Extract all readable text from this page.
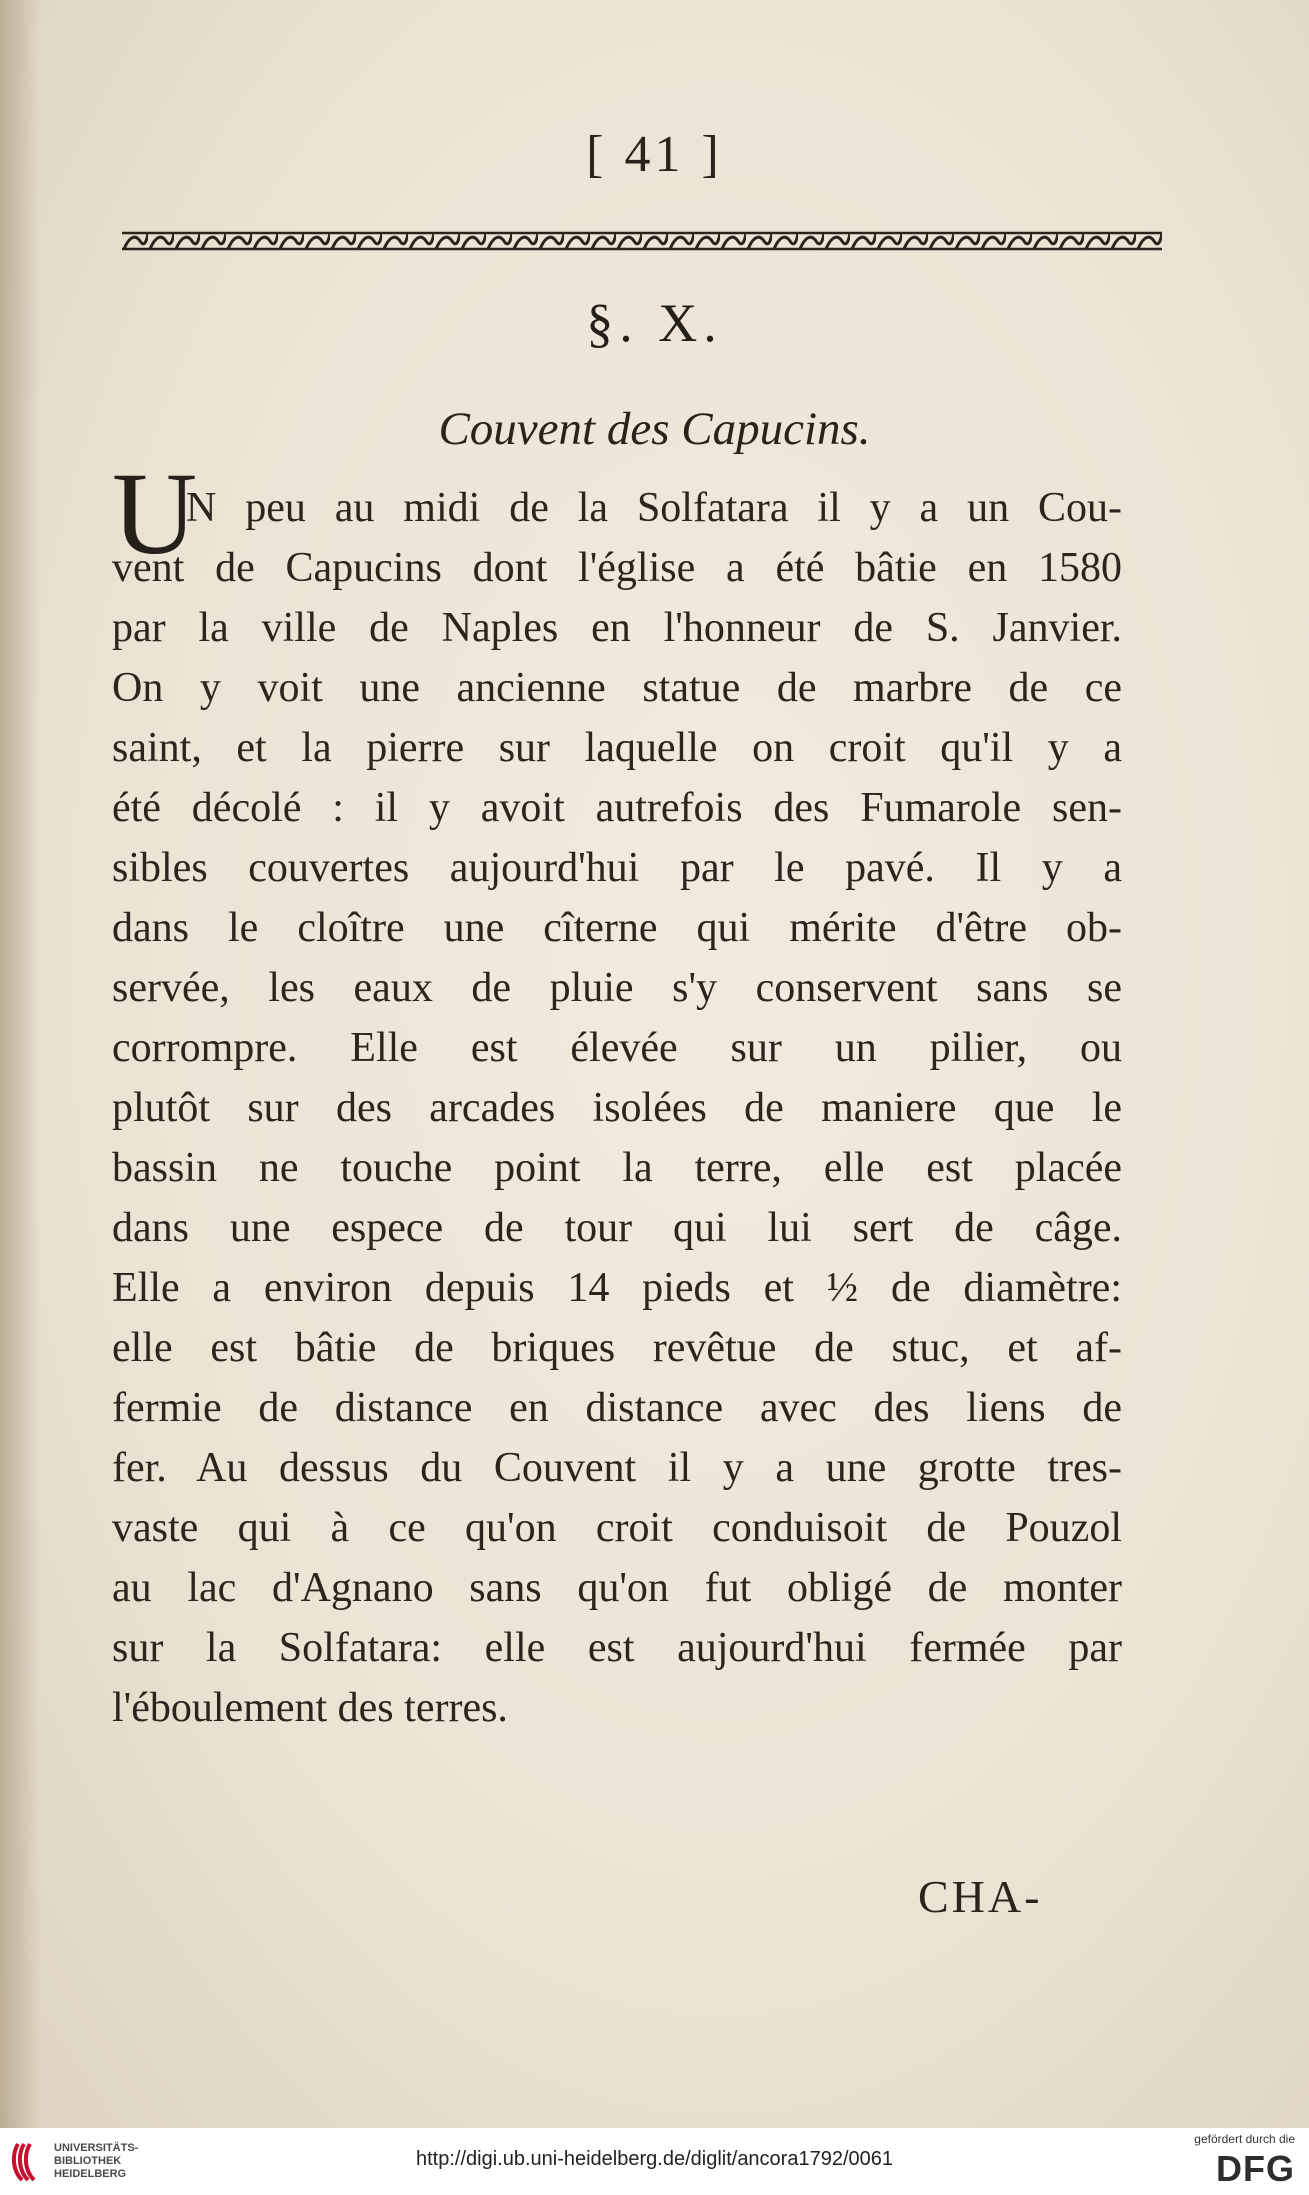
[ 41 ]
§. X.
Couvent des Capucins.
U
N peu au midi de la Solfatara il y a un Cou-
vent de Capucins dont l'église a été bâtie en 1580
par la ville de Naples en l'honneur de S. Janvier.
On y voit une ancienne statue de marbre de ce
saint, et la pierre sur laquelle on croit qu'il y a
été décolé : il y avoit autrefois des Fumarole sen-
sibles couvertes aujourd'hui par le pavé. Il y a
dans le cloître une cîterne qui mérite d'être ob-
servée, les eaux de pluie s'y conservent sans se
corrompre. Elle est élevée sur un pilier, ou
plutôt sur des arcades isolées de maniere que le
bassin ne touche point la terre, elle est placée
dans une espece de tour qui lui sert de câge.
Elle a environ depuis 14 pieds et ½ de diamètre:
elle est bâtie de briques revêtue de stuc, et af-
fermie de distance en distance avec des liens de
fer. Au dessus du Couvent il y a une grotte tres-
vaste qui à ce qu'on croit conduisoit de Pouzol
au lac d'Agnano sans qu'on fut obligé de monter
sur la Solfatara: elle est aujourd'hui fermée par
l'éboulement des terres.
CHA-
UNIVERSITÄTS-
BIBLIOTHEK
HEIDELBERG
http://digi.ub.uni-heidelberg.de/diglit/ancora1792/0061
gefördert durch die
DFG
